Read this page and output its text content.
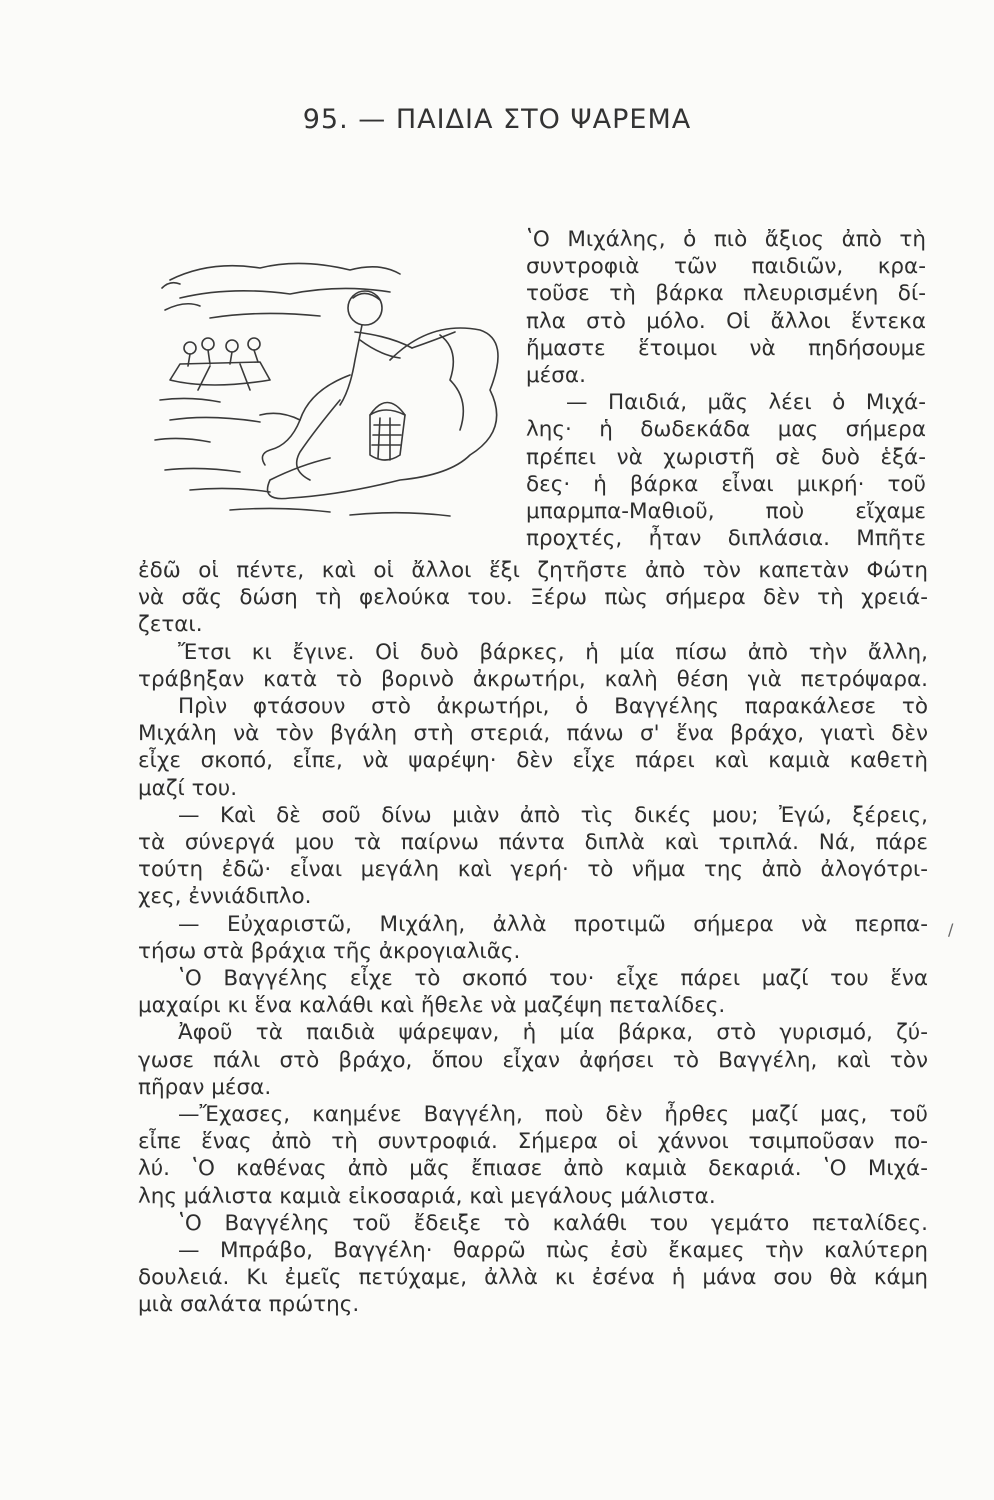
95. — ΠΑΙΔΙΑ ΣΤΟ ΨΑΡΕΜΑ
ʽΟ Μιχάλης, ὁ πιὸ ἄξιος ἀπὸ τὴ
συντροφιὰ τῶν παιδιῶν, κρα-
τοῦσε τὴ βάρκα πλευρισμένη δί-
πλα στὸ μόλο. Οἱ ἄλλοι ἕντεκα
ἤμαστε ἕτοιμοι νὰ πηδήσουμε
μέσα.
— Παιδιά, μᾶς λέει ὁ Μιχά-
λης· ἡ δωδεκάδα μας σήμερα
πρέπει νὰ χωριστῆ σὲ δυὸ ἑξά-
δες· ἡ βάρκα εἶναι μικρή· τοῦ
μπαρμπα-Μαθιοῦ, ποὺ εἴχαμε
προχτές, ἦταν διπλάσια. Μπῆτε
ἐδῶ οἱ πέντε, καὶ οἱ ἄλλοι ἕξι ζητῆστε ἀπὸ τὸν καπετὰν Φώτη
νὰ σᾶς δώση τὴ φελούκα του. Ξέρω πὼς σήμερα δὲν τὴ χρειά-
ζεται.
Ἔτσι κι ἔγινε. Οἱ δυὸ βάρκες, ἡ μία πίσω ἀπὸ τὴν ἄλλη,
τράβηξαν κατὰ τὸ βορινὸ ἀκρωτήρι, καλὴ θέση γιὰ πετρόψαρα.
Πρὶν φτάσουν στὸ ἀκρωτήρι, ὁ Βαγγέλης παρακάλεσε τὸ
Μιχάλη νὰ τὸν βγάλη στὴ στεριά, πάνω σ' ἕνα βράχο, γιατὶ δὲν
εἶχε σκοπό, εἶπε, νὰ ψαρέψη· δὲν εἶχε πάρει καὶ καμιὰ καθετὴ
μαζί του.
— Καὶ δὲ σοῦ δίνω μιὰν ἀπὸ τὶς δικές μου; Ἐγώ, ξέρεις,
τὰ σύνεργά μου τὰ παίρνω πάντα διπλὰ καὶ τριπλά. Νά, πάρε
τούτη ἐδῶ· εἶναι μεγάλη καὶ γερή· τὸ νῆμα της ἀπὸ ἀλογότρι-
χες, ἐννιάδιπλο.
— Εὐχαριστῶ, Μιχάλη, ἀλλὰ προτιμῶ σήμερα νὰ περπα-
τήσω στὰ βράχια τῆς ἀκρογιαλιᾶς.
ʽΟ Βαγγέλης εἶχε τὸ σκοπό του· εἶχε πάρει μαζί του ἕνα
μαχαίρι κι ἕνα καλάθι καὶ ἤθελε νὰ μαζέψη πεταλίδες.
Ἀφοῦ τὰ παιδιὰ ψάρεψαν, ἡ μία βάρκα, στὸ γυρισμό, ζύ-
γωσε πάλι στὸ βράχο, ὅπου εἶχαν ἀφήσει τὸ Βαγγέλη, καὶ τὸν
πῆραν μέσα.
—Ἔχασες, καημένε Βαγγέλη, ποὺ δὲν ἦρθες μαζί μας, τοῦ
εἶπε ἕνας ἀπὸ τὴ συντροφιά. Σήμερα οἱ χάννοι τσιμποῦσαν πο-
λύ. ʽΟ καθένας ἀπὸ μᾶς ἔπιασε ἀπὸ καμιὰ δεκαριά. ʽΟ Μιχά-
λης μάλιστα καμιὰ εἰκοσαριά, καὶ μεγάλους μάλιστα.
ʽΟ Βαγγέλης τοῦ ἔδειξε τὸ καλάθι του γεμάτο πεταλίδες.
— Μπράβο, Βαγγέλη· θαρρῶ πὼς ἐσὺ ἔκαμες τὴν καλύτερη
δουλειά. Κι ἐμεῖς πετύχαμε, ἀλλὰ κι ἐσένα ἡ μάνα σου θὰ κάμη
μιὰ σαλάτα πρώτης.
/
